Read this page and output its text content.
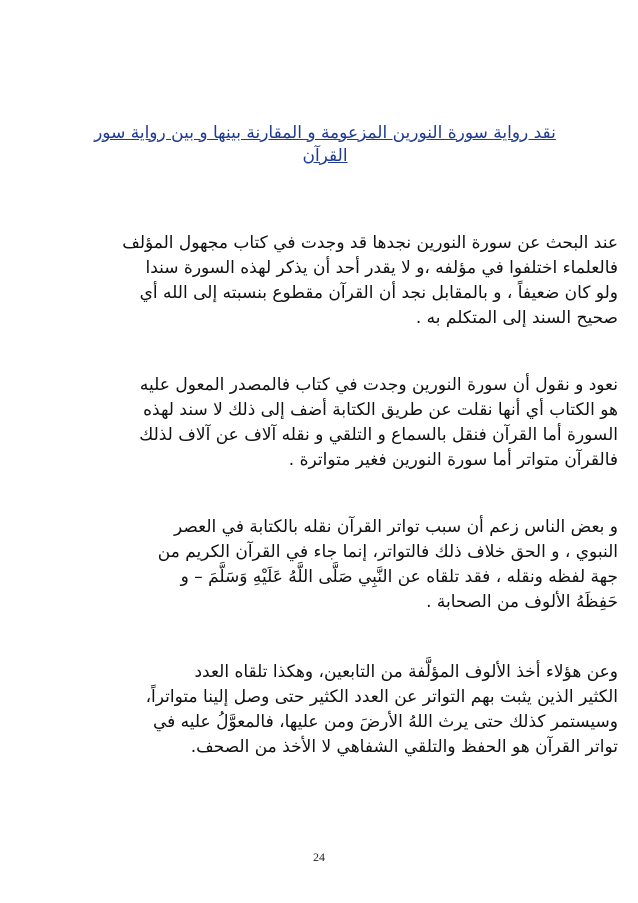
نقد رواية سورة النورين المزعومة و المقارنة بينها و بين رواية سور
القرآن
عند البحث عن سورة النورين نجدها قد وجدت في كتاب مجهول المؤلف
فالعلماء اختلفوا في مؤلفه ،و لا يقدر أحد أن يذكر لهذه السورة سندا
ولو كان ضعيفاً ، و بالمقابل نجد أن القرآن مقطوع بنسبته إلى الله أي
صحيح السند إلى المتكلم به .
نعود و نقول أن سورة النورين وجدت في كتاب فالمصدر المعول عليه
هو الكتاب أي أنها نقلت عن طريق الكتابة أضف إلى ذلك لا سند لهذه
السورة أما القرآن فنقل بالسماع و التلقي و نقله آلاف عن آلاف لذلك
فالقرآن متواتر أما سورة النورين فغير متواترة .
و بعض الناس زعم أن سبب تواتر القرآن نقله بالكتابة في العصر
النبوي ، و الحق خلاف ذلك فالتواتر، إنما جاء في القرآن الكريم من
جهة لفظه ونقله ، فقد تلقاه عن النَّبِي صَلَّى اللَّهُ عَلَيْهِ وَسَلَّمَ – و
حَفِظَهُ الألوف من الصحابة .
وعن هؤلاء أخذ الألوف المؤلَّفة من التابعين، وهكذا تلقاه العدد
الكثير الذين يثبت بهم التواتر عن العدد الكثير حتى وصل إلينا متواتراً،
وسيستمر كذلك حتى يرث اللهُ الأرضَ ومن عليها، فالمعوَّلُ عليه في
تواتر القرآن هو الحفظ والتلقي الشفاهي لا الأخذ من الصحف.
24
